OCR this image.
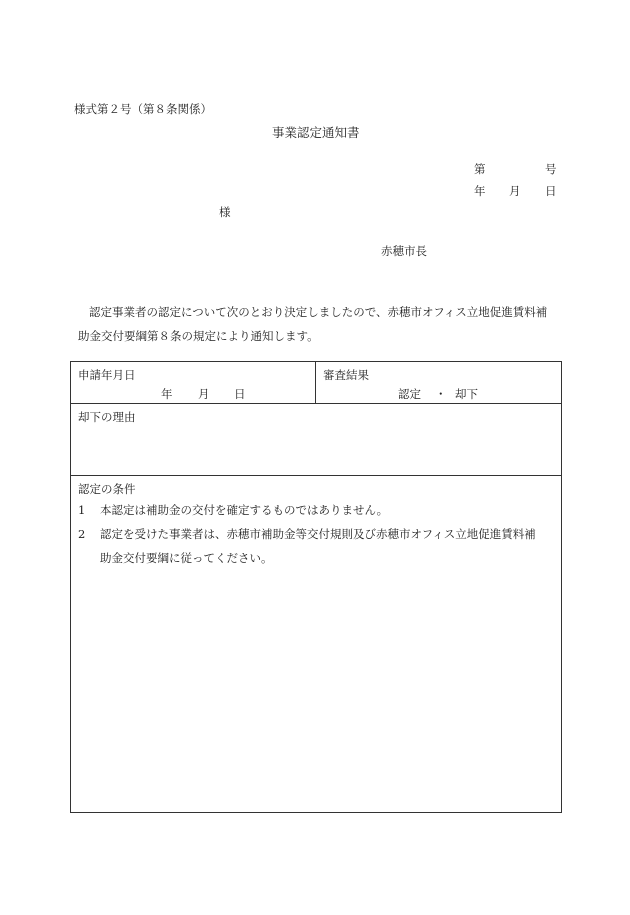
様式第２号（第８条関係）
事業認定通知書
第	号
年 月 日
様
赤穂市長
認定事業者の認定について次のとおり決定しましたので、赤穂市オフィス立地促進賃料補
助金交付要綱第８条の規定により通知します。
申請年月日
年 月 日

審査結果
認定 ・ 却下

却下の理由

認定の条件
1 本認定は補助金の交付を確定するものではありません。
2 認定を受けた事業者は、赤穂市補助金等交付規則及び赤穂市オフィス立地促進賃料補
助金交付要綱に従ってください。
